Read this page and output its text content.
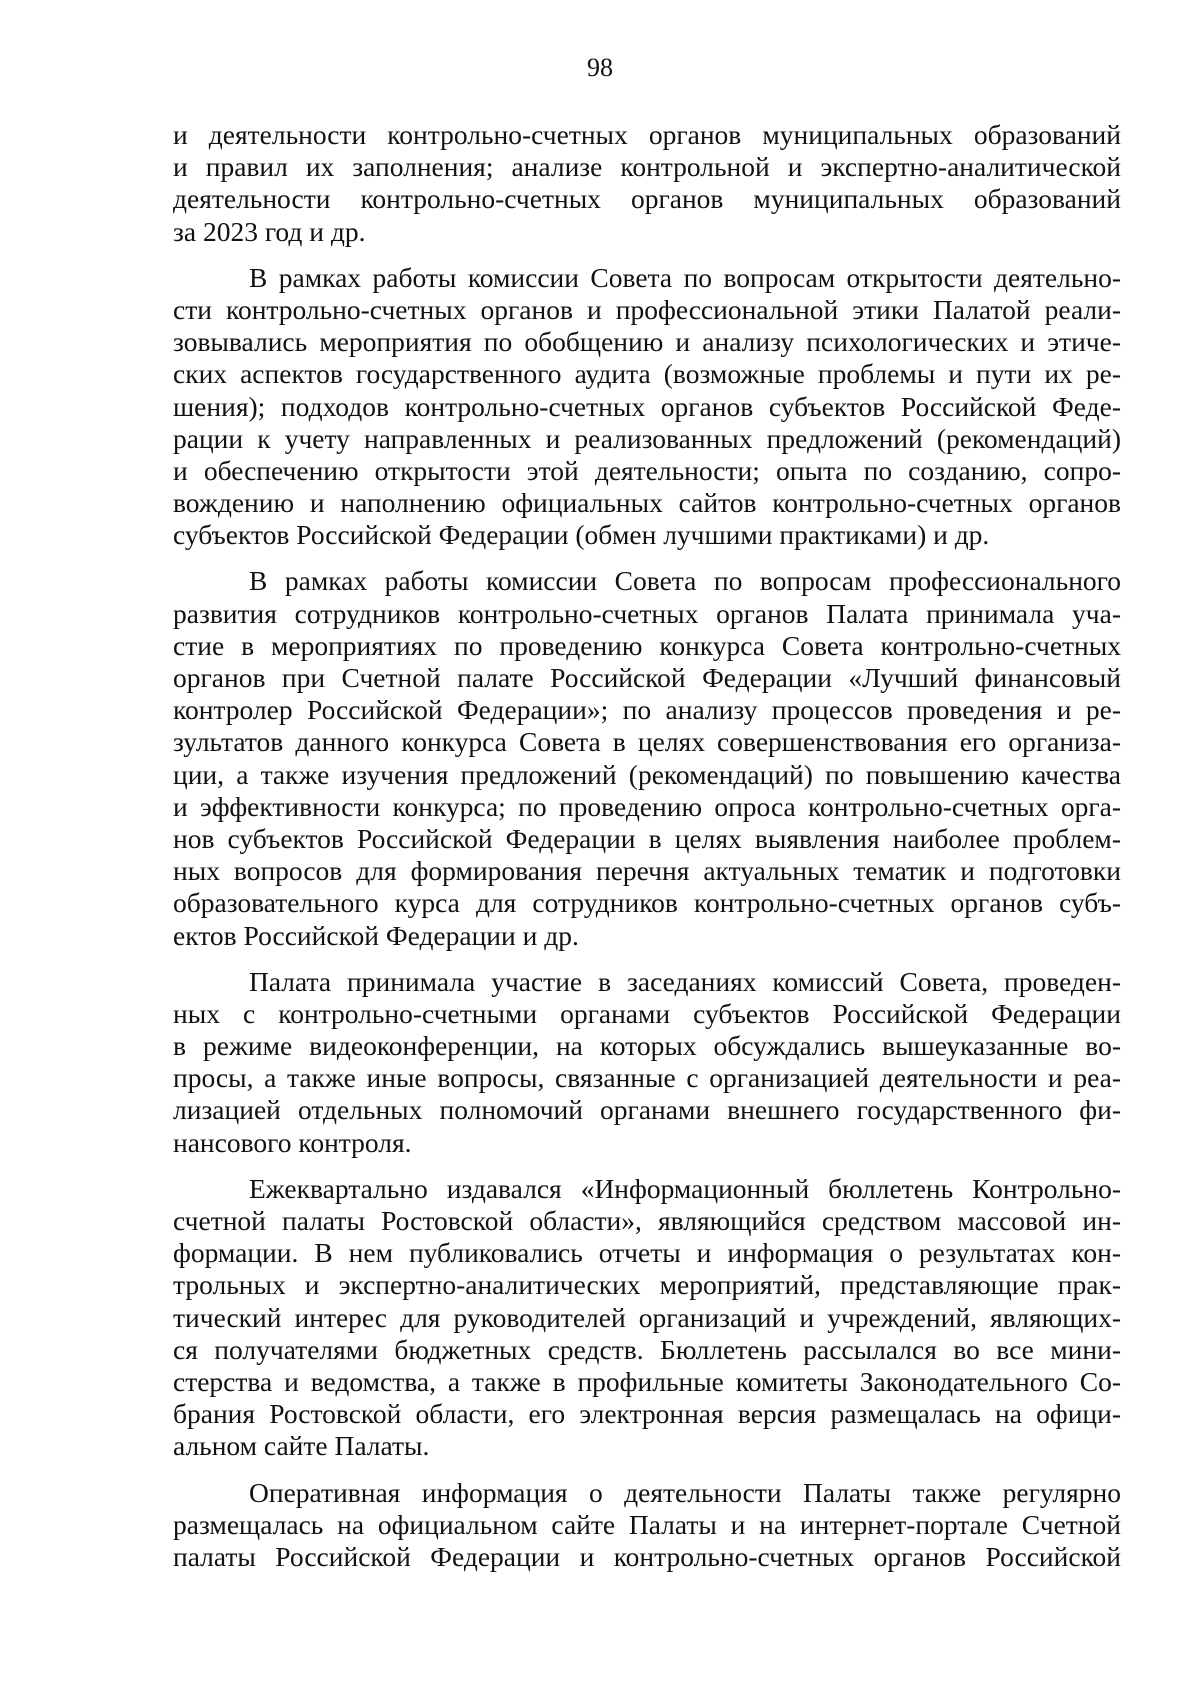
98
и деятельности контрольно-счетных органов муниципальных образований
и правил их заполнения; анализе контрольной и экспертно-аналитической
деятельности контрольно-счетных органов муниципальных образований
за 2023 год и др.
В рамках работы комиссии Совета по вопросам открытости деятельно-
сти контрольно-счетных органов и профессиональной этики Палатой реали-
зовывались мероприятия по обобщению и анализу психологических и этиче-
ских аспектов государственного аудита (возможные проблемы и пути их ре-
шения); подходов контрольно-счетных органов субъектов Российской Феде-
рации к учету направленных и реализованных предложений (рекомендаций)
и обеспечению открытости этой деятельности; опыта по созданию, сопро-
вождению и наполнению официальных сайтов контрольно-счетных органов
субъектов Российской Федерации (обмен лучшими практиками) и др.
В рамках работы комиссии Совета по вопросам профессионального
развития сотрудников контрольно-счетных органов Палата принимала уча-
стие в мероприятиях по проведению конкурса Совета контрольно-счетных
органов при Счетной палате Российской Федерации «Лучший финансовый
контролер Российской Федерации»; по анализу процессов проведения и ре-
зультатов данного конкурса Совета в целях совершенствования его организа-
ции, а также изучения предложений (рекомендаций) по повышению качества
и эффективности конкурса; по проведению опроса контрольно-счетных орга-
нов субъектов Российской Федерации в целях выявления наиболее проблем-
ных вопросов для формирования перечня актуальных тематик и подготовки
образовательного курса для сотрудников контрольно-счетных органов субъ-
ектов Российской Федерации и др.
Палата принимала участие в заседаниях комиссий Совета, проведен-
ных с контрольно-счетными органами субъектов Российской Федерации
в режиме видеоконференции, на которых обсуждались вышеуказанные во-
просы, а также иные вопросы, связанные с организацией деятельности и реа-
лизацией отдельных полномочий органами внешнего государственного фи-
нансового контроля.
Ежеквартально издавался «Информационный бюллетень Контрольно-
счетной палаты Ростовской области», являющийся средством массовой ин-
формации. В нем публиковались отчеты и информация о результатах кон-
трольных и экспертно-аналитических мероприятий, представляющие прак-
тический интерес для руководителей организаций и учреждений, являющих-
ся получателями бюджетных средств. Бюллетень рассылался во все мини-
стерства и ведомства, а также в профильные комитеты Законодательного Со-
брания Ростовской области, его электронная версия размещалась на офици-
альном сайте Палаты.
Оперативная информация о деятельности Палаты также регулярно
размещалась на официальном сайте Палаты и на интернет-портале Счетной
палаты Российской Федерации и контрольно-счетных органов Российской
